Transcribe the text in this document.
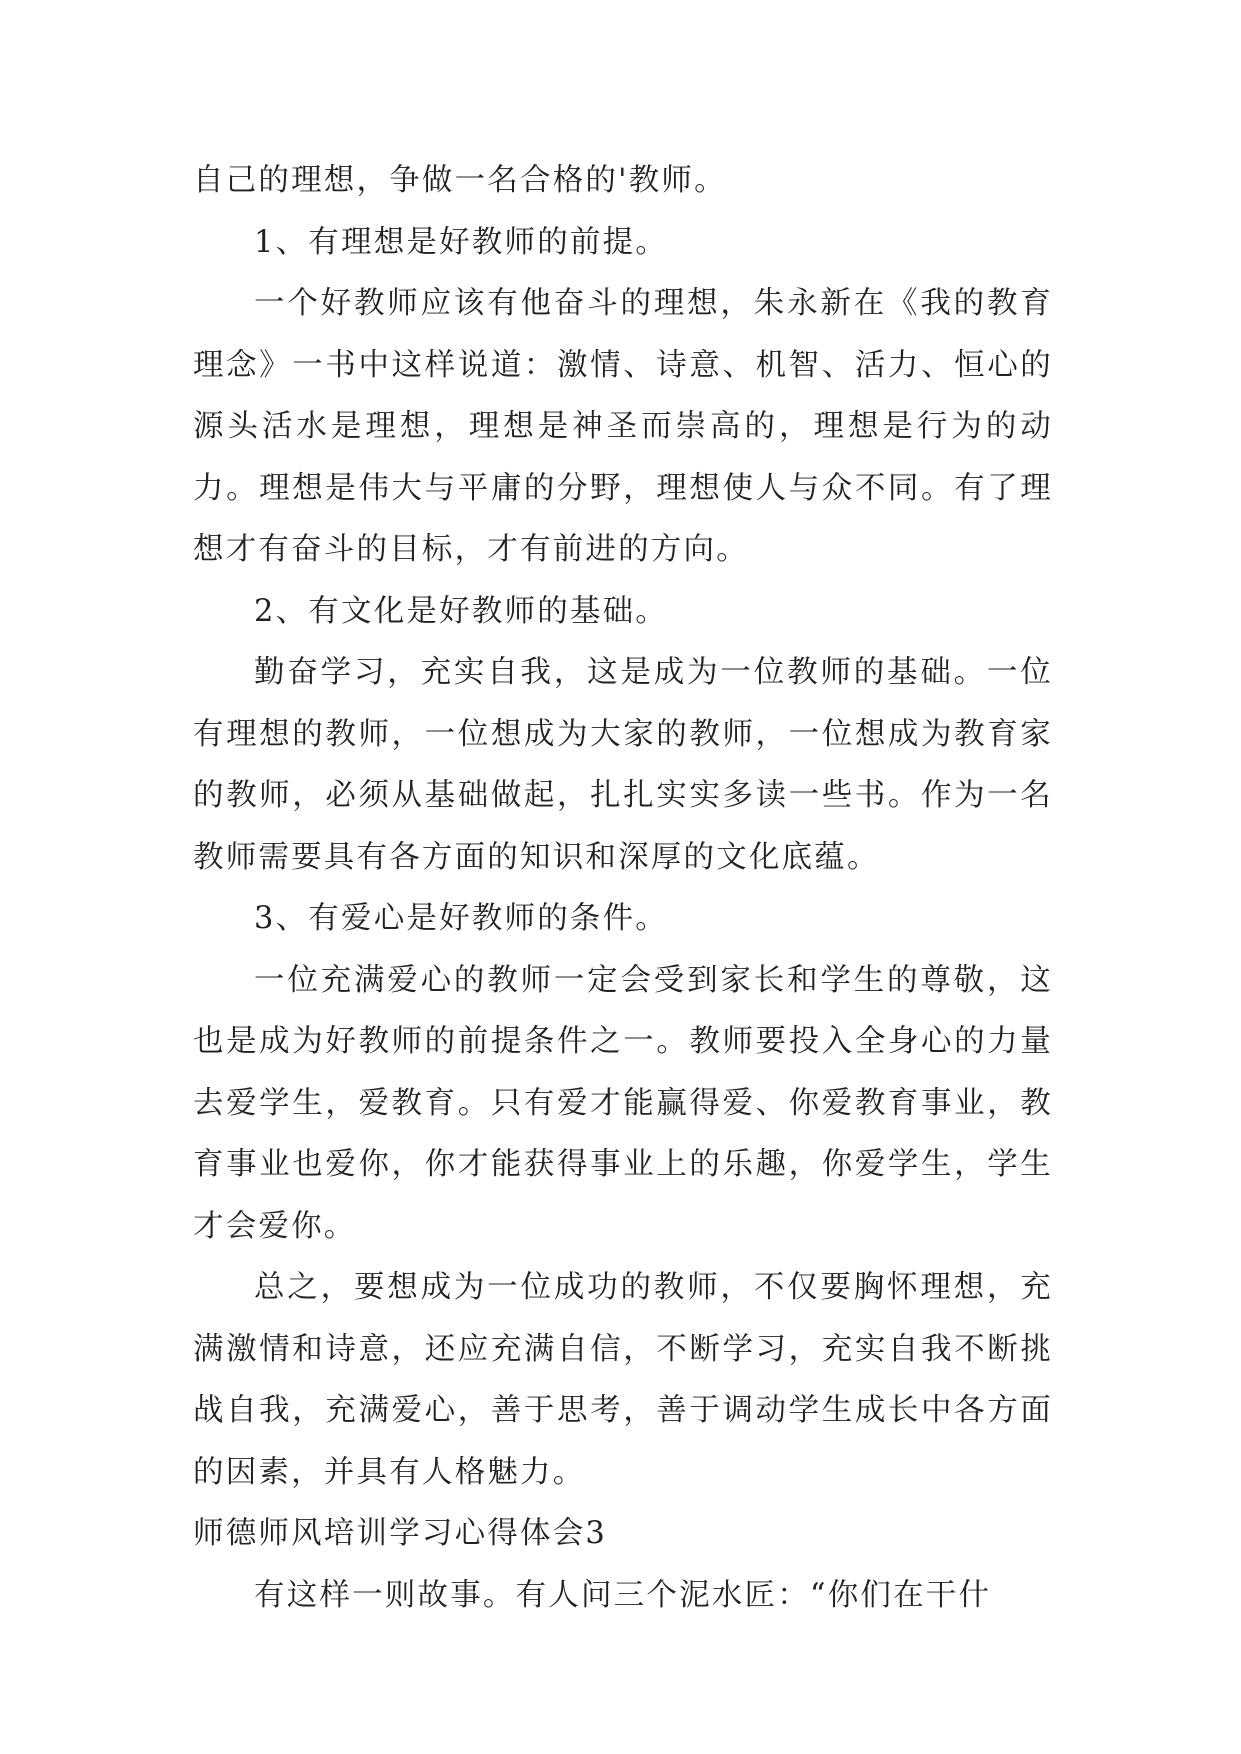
自己的理想，争做一名合格的'教师。

1、有理想是好教师的前提。

一个好教师应该有他奋斗的理想，朱永新在《我的教育理念》一书中这样说道：激情、诗意、机智、活力、恒心的源头活水是理想，理想是神圣而崇高的，理想是行为的动力。理想是伟大与平庸的分野，理想使人与众不同。有了理想才有奋斗的目标，才有前进的方向。

2、有文化是好教师的基础。

勤奋学习，充实自我，这是成为一位教师的基础。一位有理想的教师，一位想成为大家的教师，一位想成为教育家的教师，必须从基础做起，扎扎实实多读一些书。作为一名教师需要具有各方面的知识和深厚的文化底蕴。

3、有爱心是好教师的条件。

一位充满爱心的教师一定会受到家长和学生的尊敬，这也是成为好教师的前提条件之一。教师要投入全身心的力量去爱学生，爱教育。只有爱才能赢得爱、你爱教育事业，教育事业也爱你，你才能获得事业上的乐趣，你爱学生，学生才会爱你。

总之，要想成为一位成功的教师，不仅要胸怀理想，充满激情和诗意，还应充满自信，不断学习，充实自我不断挑战自我，充满爱心，善于思考，善于调动学生成长中各方面的因素，并具有人格魅力。

师德师风培训学习心得体会3

有这样一则故事。有人问三个泥水匠：“你们在干什
